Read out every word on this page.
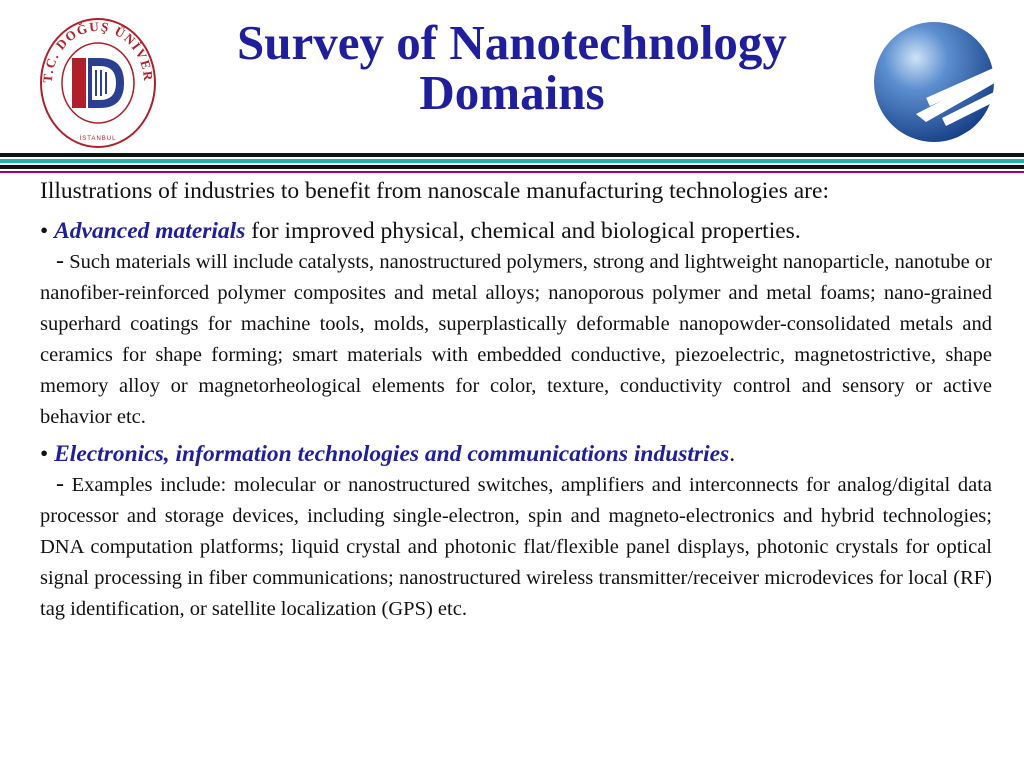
T.C. DOĞUŞ ÜNİVER
İSTANBUL
Survey of Nanotechnology
Domains

Illustrations of industries to benefit from nanoscale manufacturing technologies are:

• Advanced materials for improved physical, chemical and biological properties.

- Such materials will include catalysts, nanostructured polymers, strong and lightweight nanoparticle, nanotube or nanofiber-reinforced polymer composites and metal alloys; nanoporous polymer and metal foams; nano-grained superhard coatings for machine tools, molds, superplastically deformable nanopowder-consolidated metals and ceramics for shape forming; smart materials with embedded conductive, piezoelectric, magnetostrictive, shape memory alloy or magnetorheological elements for color, texture, conductivity control and sensory or active behavior etc.

• Electronics, information technologies and communications industries.

- Examples include: molecular or nanostructured switches, amplifiers and interconnects for analog/digital data processor and storage devices, including single-electron, spin and magneto-electronics and hybrid technologies; DNA computation platforms; liquid crystal and photonic flat/flexible panel displays, photonic crystals for optical signal processing in fiber communications; nanostructured wireless transmitter/receiver microdevices for local (RF) tag identification, or satellite localization (GPS) etc.
